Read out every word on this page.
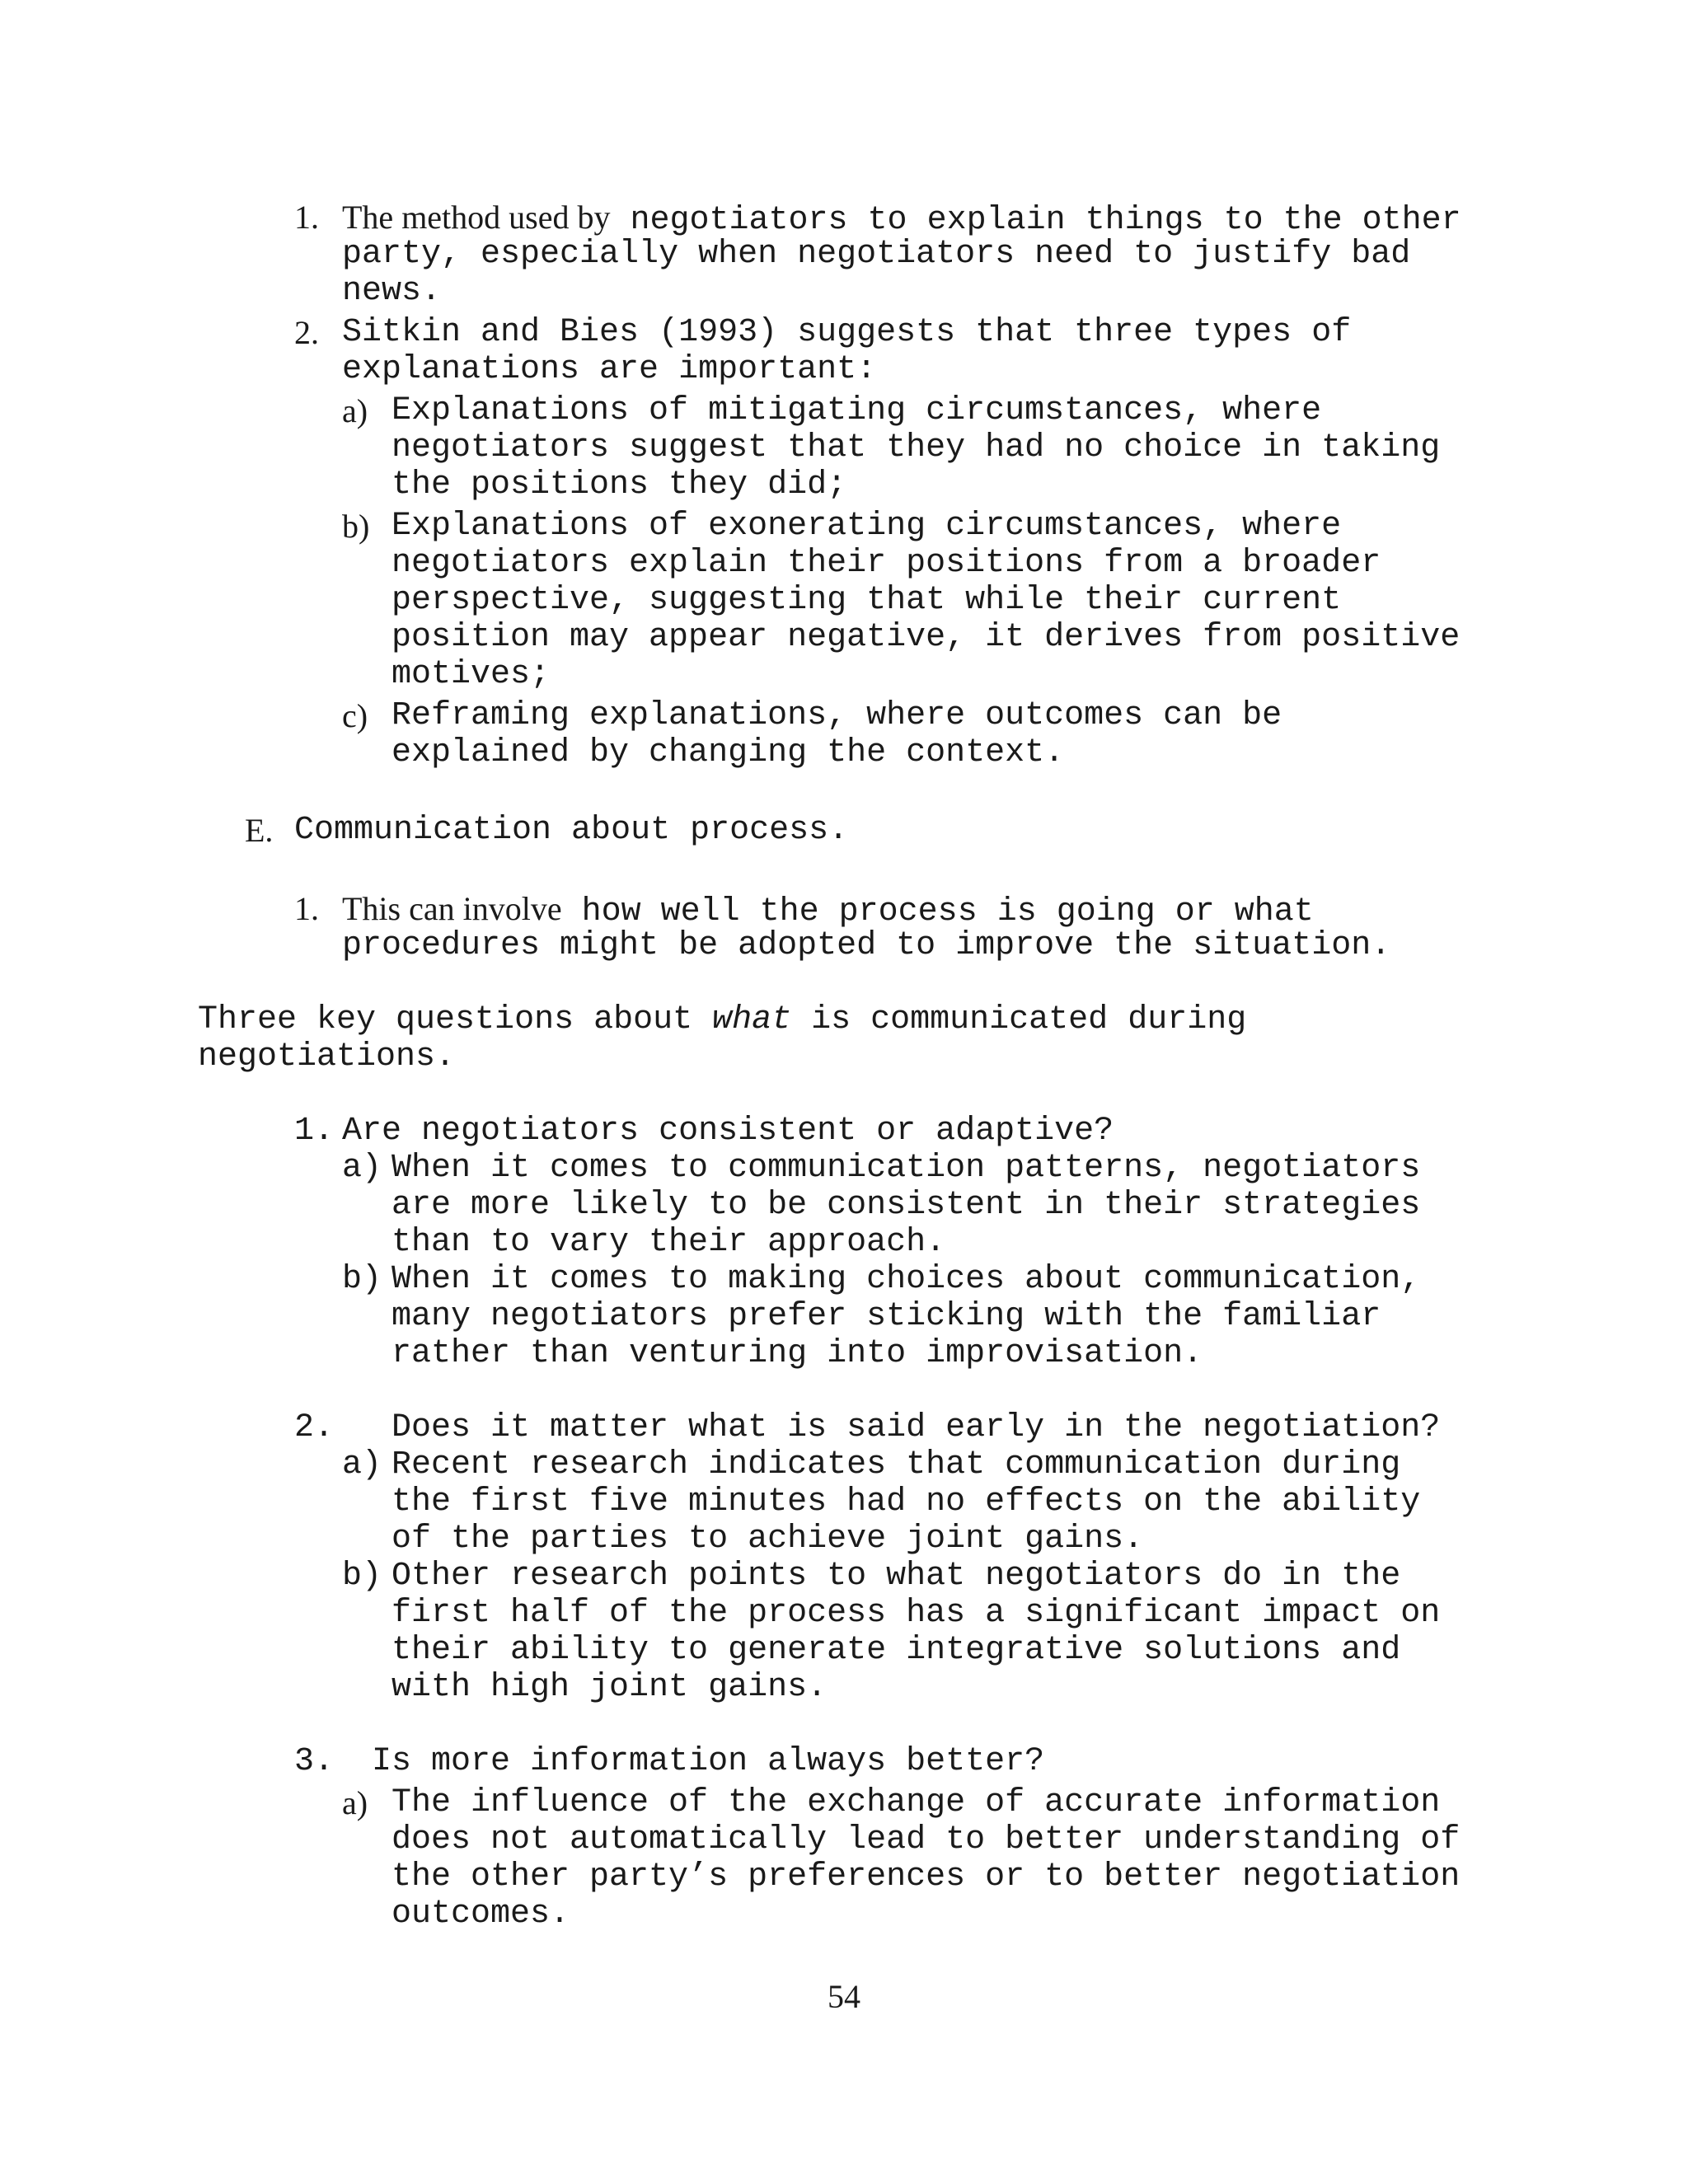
1. The method used by negotiators to explain things to the other
party, especially when negotiators need to justify bad
news.
2. Sitkin and Bies (1993) suggests that three types of
explanations are important:
a) Explanations of mitigating circumstances, where
negotiators suggest that they had no choice in taking
the positions they did;
b) Explanations of exonerating circumstances, where
negotiators explain their positions from a broader
perspective, suggesting that while their current
position may appear negative, it derives from positive
motives;
c) Reframing explanations, where outcomes can be
explained by changing the context.
E. Communication about process.
1. This can involve how well the process is going or what
procedures might be adopted to improve the situation.
Three key questions about what is communicated during
negotiations.
1. Are negotiators consistent or adaptive?
a) When it comes to communication patterns, negotiators
are more likely to be consistent in their strategies
than to vary their approach.
b) When it comes to making choices about communication,
many negotiators prefer sticking with the familiar
rather than venturing into improvisation.
2. Does it matter what is said early in the negotiation?
a) Recent research indicates that communication during
the first five minutes had no effects on the ability
of the parties to achieve joint gains.
b) Other research points to what negotiators do in the
first half of the process has a significant impact on
their ability to generate integrative solutions and
with high joint gains.
3. Is more information always better?
a) The influence of the exchange of accurate information
does not automatically lead to better understanding of
the other party’s preferences or to better negotiation
outcomes.
54
